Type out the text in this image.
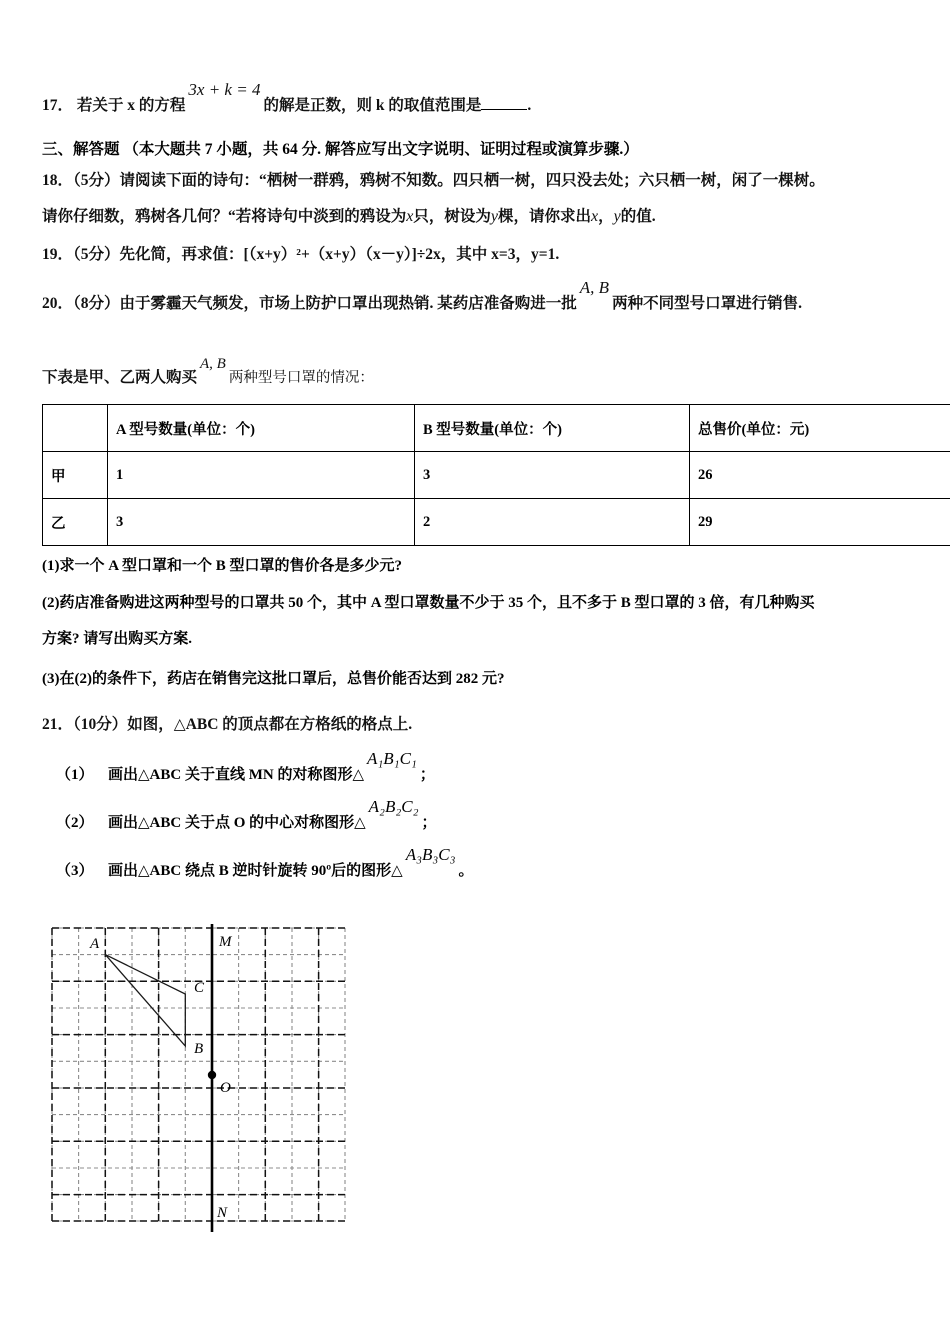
17． 若关于 x 的方程3x + k = 4的解是正数，则 k 的取值范围是	.
三、解答题 （本大题共 7 小题，共 64 分. 解答应写出文字说明、证明过程或演算步骤.）
18．（5分）请阅读下面的诗句：“栖树一群鸦，鸦树不知数。四只栖一树，四只没去处；六只栖一树，闲了一棵树。
请你仔细数，鸦树各几何？“若将诗句中淡到的鸦设为x只，树设为y棵，请你求出x，y的值.
19．（5分）先化简，再求值：[（x+y）²+（x+y）（x－y）]÷2x，其中 x=3，y=1.
20．（8分）由于雾霾天气频发，市场上防护口罩出现热销. 某药店准备购进一批A, B两种不同型号口罩进行销售.
下表是甲、乙两人购买A, B两种型号口罩的情况：
	A 型号数量(单位：个)	B 型号数量(单位：个)	总售价(单位：元)
甲	1	3	26
乙	3	2	29
(1)求一个 A 型口罩和一个 B 型口罩的售价各是多少元?
(2)药店准备购进这两种型号的口罩共 50 个，其中 A 型口罩数量不少于 35 个，且不多于 B 型口罩的 3 倍，有几种购买
方案? 请写出购买方案.
(3)在(2)的条件下，药店在销售完这批口罩后，总售价能否达到 282 元?
21．（10分）如图，△ABC 的顶点都在方格纸的格点上.
（1） 画出△ABC 关于直线 MN 的对称图形△A₁B₁C₁；
（2） 画出△ABC 关于点 O 的中心对称图形△A₂B₂C₂；
（3） 画出△ABC 绕点 B 逆时针旋转 90º后的图形△A₃B₃C₃。
A
B
C
O
M
N
